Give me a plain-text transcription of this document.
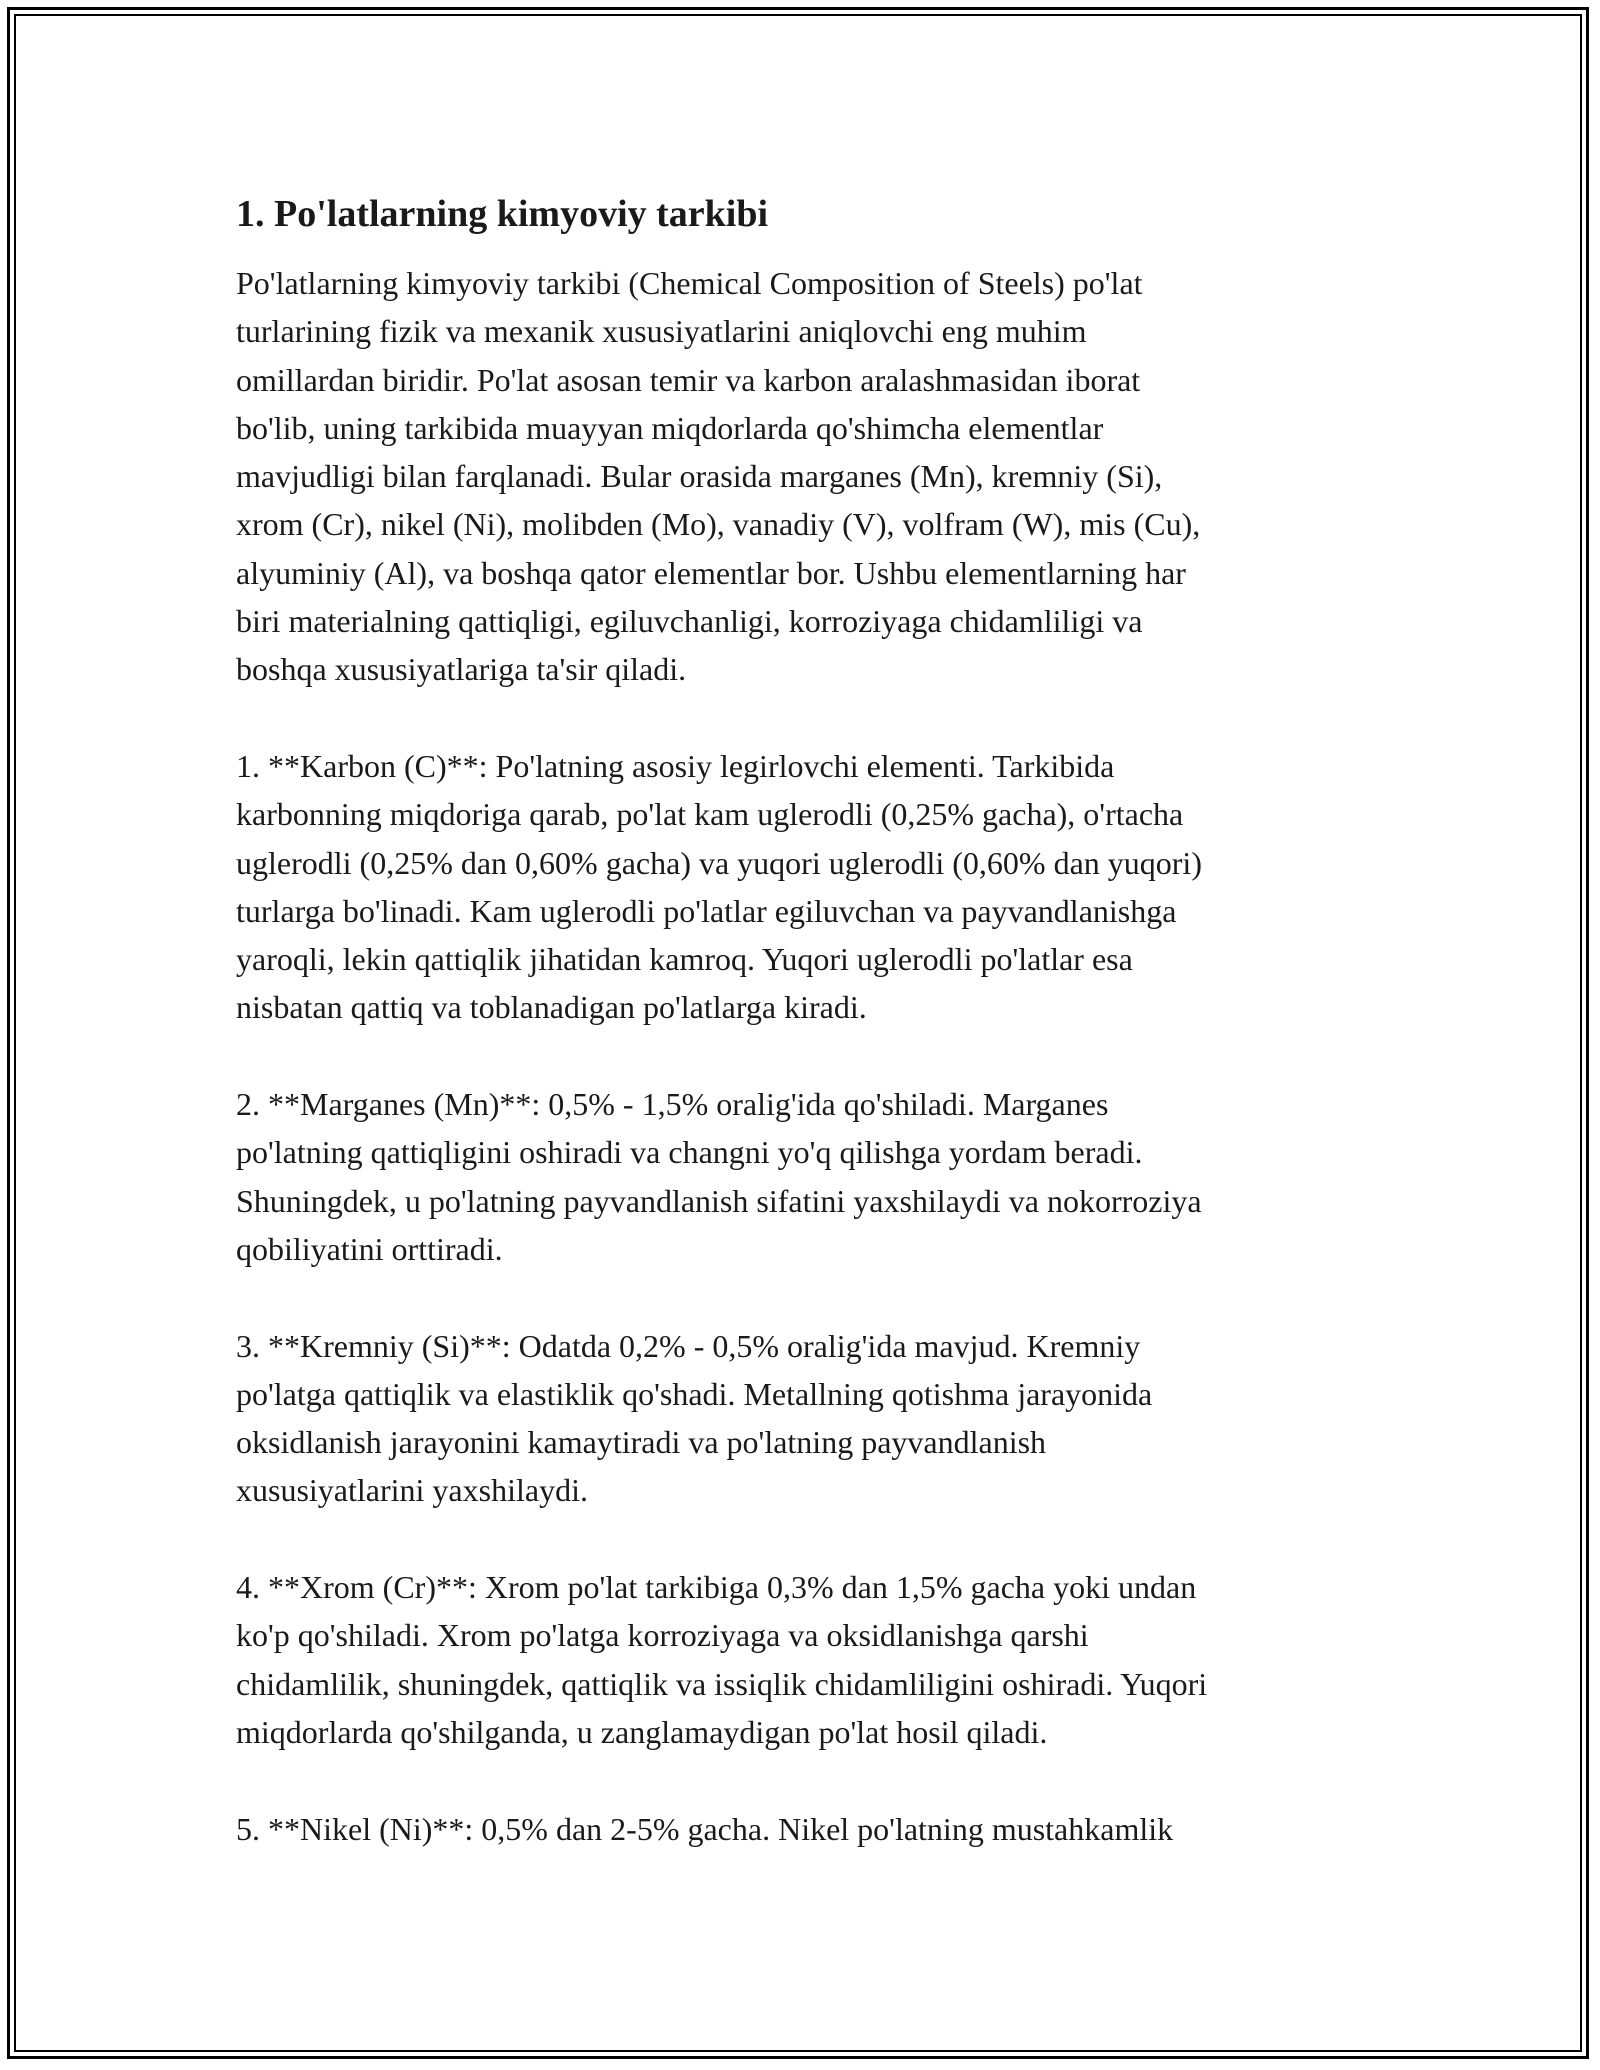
1. Po'latlarning kimyoviy tarkibi

Po'latlarning kimyoviy tarkibi (Chemical Composition of Steels) po'lat
turlarining fizik va mexanik xususiyatlarini aniqlovchi eng muhim
omillardan biridir. Po'lat asosan temir va karbon aralashmasidan iborat
bo'lib, uning tarkibida muayyan miqdorlarda qo'shimcha elementlar
mavjudligi bilan farqlanadi. Bular orasida marganes (Mn), kremniy (Si),
xrom (Cr), nikel (Ni), molibden (Mo), vanadiy (V), volfram (W), mis (Cu),
alyuminiy (Al), va boshqa qator elementlar bor. Ushbu elementlarning har
biri materialning qattiqligi, egiluvchanligi, korroziyaga chidamliligi va
boshqa xususiyatlariga ta'sir qiladi.

1. **Karbon (C)**: Po'latning asosiy legirlovchi elementi. Tarkibida
karbonning miqdoriga qarab, po'lat kam uglerodli (0,25% gacha), o'rtacha
uglerodli (0,25% dan 0,60% gacha) va yuqori uglerodli (0,60% dan yuqori)
turlarga bo'linadi. Kam uglerodli po'latlar egiluvchan va payvandlanishga
yaroqli, lekin qattiqlik jihatidan kamroq. Yuqori uglerodli po'latlar esa
nisbatan qattiq va toblanadigan po'latlarga kiradi.

2. **Marganes (Mn)**: 0,5% - 1,5% oralig'ida qo'shiladi. Marganes
po'latning qattiqligini oshiradi va changni yo'q qilishga yordam beradi.
Shuningdek, u po'latning payvandlanish sifatini yaxshilaydi va nokorroziya
qobiliyatini orttiradi.

3. **Kremniy (Si)**: Odatda 0,2% - 0,5% oralig'ida mavjud. Kremniy
po'latga qattiqlik va elastiklik qo'shadi. Metallning qotishma jarayonida
oksidlanish jarayonini kamaytiradi va po'latning payvandlanish
xususiyatlarini yaxshilaydi.

4. **Xrom (Cr)**: Xrom po'lat tarkibiga 0,3% dan 1,5% gacha yoki undan
ko'p qo'shiladi. Xrom po'latga korroziyaga va oksidlanishga qarshi
chidamlilik, shuningdek, qattiqlik va issiqlik chidamliligini oshiradi. Yuqori
miqdorlarda qo'shilganda, u zanglamaydigan po'lat hosil qiladi.

5. **Nikel (Ni)**: 0,5% dan 2-5% gacha. Nikel po'latning mustahkamlik
